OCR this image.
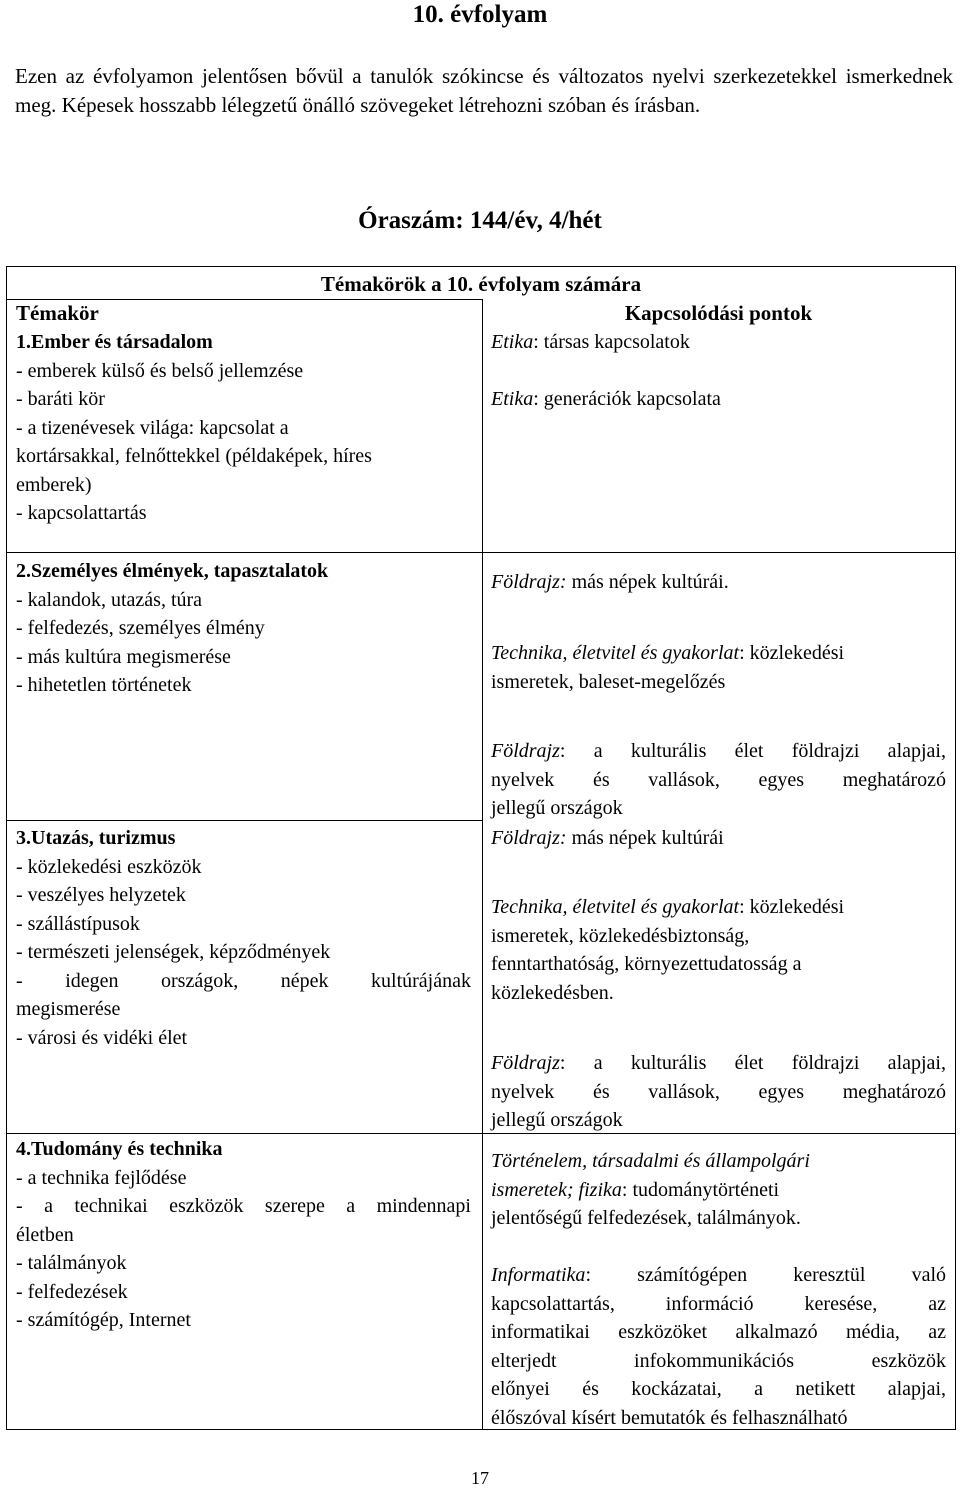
10. évfolyam
Ezen az évfolyamon jelentősen bővül a tanulók szókincse és változatos nyelvi szerkezetekkel ismerkednek meg. Képesek hosszabb lélegzetű önálló szövegeket létrehozni szóban és írásban.
Óraszám: 144/év, 4/hét
Témakörök a 10. évfolyam számára
Témakör	Kapcsolódási pontok
1.Ember és társadalom
- emberek külső és belső jellemzése
- baráti kör
- a tizenévesek világa: kapcsolat a
kortársakkal, felnőttekkel (példaképek, híres
emberek)
- kapcsolattartás
Etika: társas kapcsolatok
Etika: generációk kapcsolata
2.Személyes élmények, tapasztalatok
- kalandok, utazás, túra
- felfedezés, személyes élmény
- más kultúra megismerése
- hihetetlen történetek
Földrajz: más népek kultúrái.
Technika, életvitel és gyakorlat: közlekedési
ismeretek, baleset-megelőzés
Földrajz: a kulturális élet földrajzi alapjai,
nyelvek és vallások, egyes meghatározó
jellegű országok
3.Utazás, turizmus
- közlekedési eszközök
- veszélyes helyzetek
- szállástípusok
- természeti jelenségek, képződmények
- idegen országok, népek kultúrájának
megismerése
- városi és vidéki élet
Földrajz: más népek kultúrái
Technika, életvitel és gyakorlat: közlekedési
ismeretek, közlekedésbiztonság,
fenntarthatóság, környezettudatosság a
közlekedésben.
Földrajz: a kulturális élet földrajzi alapjai,
nyelvek és vallások, egyes meghatározó
jellegű országok
4.Tudomány és technika
- a technika fejlődése
- a technikai eszközök szerepe a mindennapi
életben
- találmányok
- felfedezések
- számítógép, Internet
Történelem, társadalmi és állampolgári
ismeretek; fizika: tudománytörténeti
jelentőségű felfedezések, találmányok.
Informatika: számítógépen keresztül való
kapcsolattartás, információ keresése, az
informatikai eszközöket alkalmazó média, az
elterjedt infokommunikációs eszközök
előnyei és kockázatai, a netikett alapjai,
élőszóval kísért bemutatók és felhasználható
17
